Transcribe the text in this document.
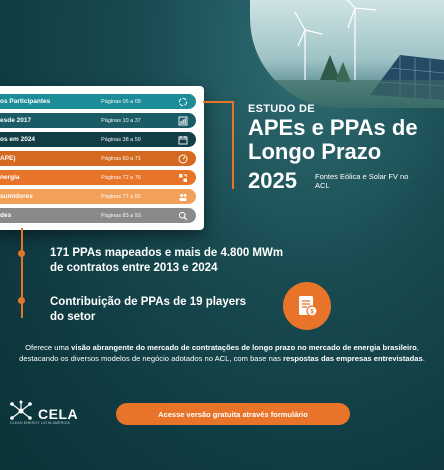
os Participantes	Páginas 06 a 09
esde 2017	Páginas 10 a 37
os em 2024	Páginas 38 a 59
APE)	Páginas 60 a 71
nergia	Páginas 72 a 76
sumidores	Páginas 77 a 82
des	Páginas 83 a 93
ESTUDO DE
APEs e PPAs de Longo Prazo
2025 Fontes Eólica e Solar FV no ACL
171 PPAs mapeados e mais de 4.800 MWm de contratos entre 2013 e 2024
Contribuição de PPAs de 19 players do setor	$
Oferece uma visão abrangente do mercado de contratações de longo prazo no mercado de energia brasileiro, destacando os diversos modelos de negócio adotados no ACL, com base nas respostas das empresas entrevistadas.
CELA
CLEAN ENERGY LATIN AMERICA
Acesse versão gratuita através formulário
